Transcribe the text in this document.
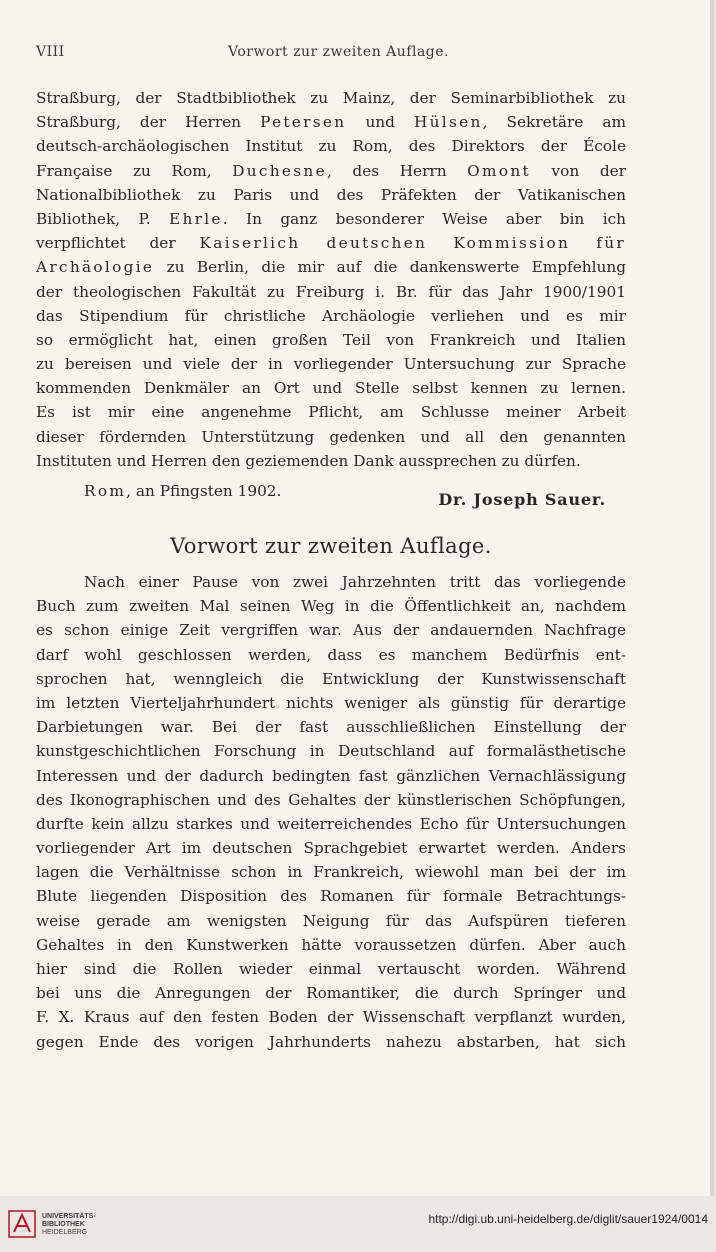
VIII	Vorwort zur zweiten Auflage.
Straßburg, der Stadtbibliothek zu Mainz, der Seminarbibliothek zu
Straßburg, der Herren Petersen und Hülsen, Sekretäre am
deutsch-archäologischen Institut zu Rom, des Direktors der École
Française zu Rom, Duchesne, des Herrn Omont von der
Nationalbibliothek zu Paris und des Präfekten der Vatikanischen
Bibliothek, P. Ehrle. In ganz besonderer Weise aber bin ich
verpflichtet der Kaiserlich deutschen Kommission für
Archäologie zu Berlin, die mir auf die dankenswerte Empfehlung
der theologischen Fakultät zu Freiburg i. Br. für das Jahr 1900/1901
das Stipendium für christliche Archäologie verliehen und es mir
so ermöglicht hat, einen großen Teil von Frankreich und Italien
zu bereisen und viele der in vorliegender Untersuchung zur Sprache
kommenden Denkmäler an Ort und Stelle selbst kennen zu lernen.
Es ist mir eine angenehme Pflicht, am Schlusse meiner Arbeit
dieser fördernden Unterstützung gedenken und all den genannten
Instituten und Herren den geziemenden Dank aussprechen zu dürfen.
Rom, an Pfingsten 1902.	Dr. Joseph Sauer.
Vorwort zur zweiten Auflage.
Nach einer Pause von zwei Jahrzehnten tritt das vorliegende
Buch zum zweiten Mal seinen Weg in die Öffentlichkeit an, nachdem
es schon einige Zeit vergriffen war. Aus der andauernden Nachfrage
darf wohl geschlossen werden, dass es manchem Bedürfnis ent-
sprochen hat, wenngleich die Entwicklung der Kunstwissenschaft
im letzten Vierteljahrhundert nichts weniger als günstig für derartige
Darbietungen war. Bei der fast ausschließlichen Einstellung der
kunstgeschichtlichen Forschung in Deutschland auf formalästhetische
Interessen und der dadurch bedingten fast gänzlichen Vernachlässigung
des Ikonographischen und des Gehaltes der künstlerischen Schöpfungen,
durfte kein allzu starkes und weiterreichendes Echo für Untersuchungen
vorliegender Art im deutschen Sprachgebiet erwartet werden. Anders
lagen die Verhältnisse schon in Frankreich, wiewohl man bei der im
Blute liegenden Disposition des Romanen für formale Betrachtungs-
weise gerade am wenigsten Neigung für das Aufspüren tieferen
Gehaltes in den Kunstwerken hätte voraussetzen dürfen. Aber auch
hier sind die Rollen wieder einmal vertauscht worden. Während
bei uns die Anregungen der Romantiker, die durch Springer und
F. X. Kraus auf den festen Boden der Wissenschaft verpflanzt wurden,
gegen Ende des vorigen Jahrhunderts nahezu abstarben, hat sich
UNIVERSITÄTS-
BIBLIOTHEK
HEIDELBERG
http://digi.ub.uni-heidelberg.de/diglit/sauer1924/0014
